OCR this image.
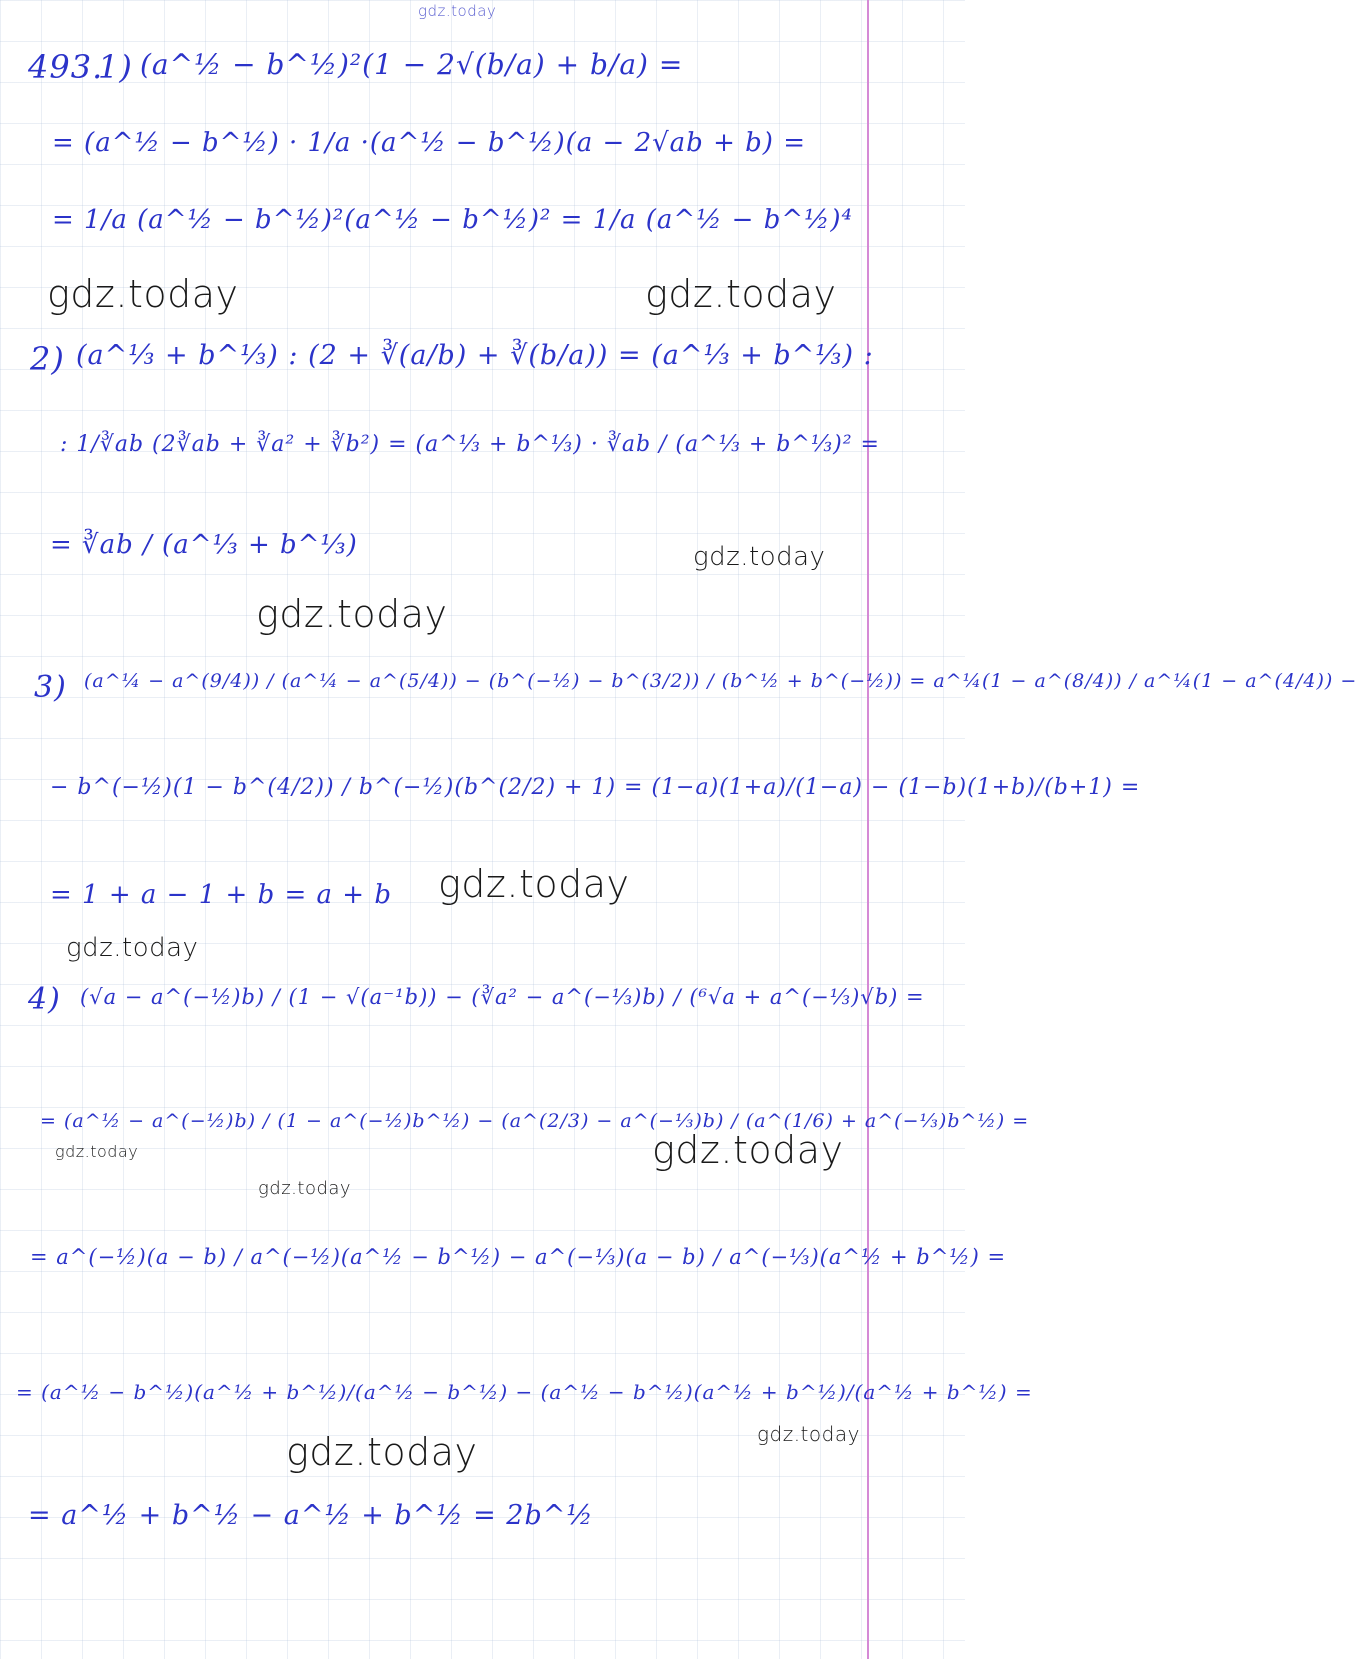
gdz.today
493.
1) (a^½ − b^½)²(1 − 2√(b/a) + b/a) =
= (a^½ − b^½) · 1/a ·(a^½ − b^½)(a − 2√ab + b) =
= 1/a (a^½ − b^½)²(a^½ − b^½)² = 1/a (a^½ − b^½)⁴
gdz.today	gdz.today
2) (a^⅓ + b^⅓) : (2 + ∛(a/b) + ∛(b/a)) = (a^⅓ + b^⅓) :
: 1/∛ab (2∛ab + ∛a² + ∛b²) = (a^⅓ + b^⅓) · ∛ab / (a^⅓ + b^⅓)² =
= ∛ab / (a^⅓ + b^⅓)	gdz.today
gdz.today
3) (a^¼ − a^(9/4)) / (a^¼ − a^(5/4)) − (b^(−½) − b^(3/2)) / (b^½ + b^(−½)) = a^¼(1 − a^(8/4)) / a^¼(1 − a^(4/4)) −
− b^(−½)(1 − b^(4/2)) / b^(−½)(b^(2/2) + 1) = (1−a)(1+a)/(1−a) − (1−b)(1+b)/(b+1) =
= 1 + a − 1 + b = a + b gdz.today
gdz.today
4) (√a − a^(−½)b) / (1 − √(a⁻¹b)) − (∛a² − a^(−⅓)b) / (⁶√a + a^(−⅓)√b) =
= (a^½ − a^(−½)b) / (1 − a^(−½)b^½) − (a^(2/3) − a^(−⅓)b) / (a^(1/6) + a^(−⅓)b^½) =
gdz.today	gdz.today
gdz.today
= a^(−½)(a − b) / a^(−½)(a^½ − b^½) − a^(−⅓)(a − b) / a^(−⅓)(a^½ + b^½) =
= (a^½ − b^½)(a^½ + b^½)/(a^½ − b^½) − (a^½ − b^½)(a^½ + b^½)/(a^½ + b^½) =
gdz.today	gdz.today
= a^½ + b^½ − a^½ + b^½ = 2b^½
